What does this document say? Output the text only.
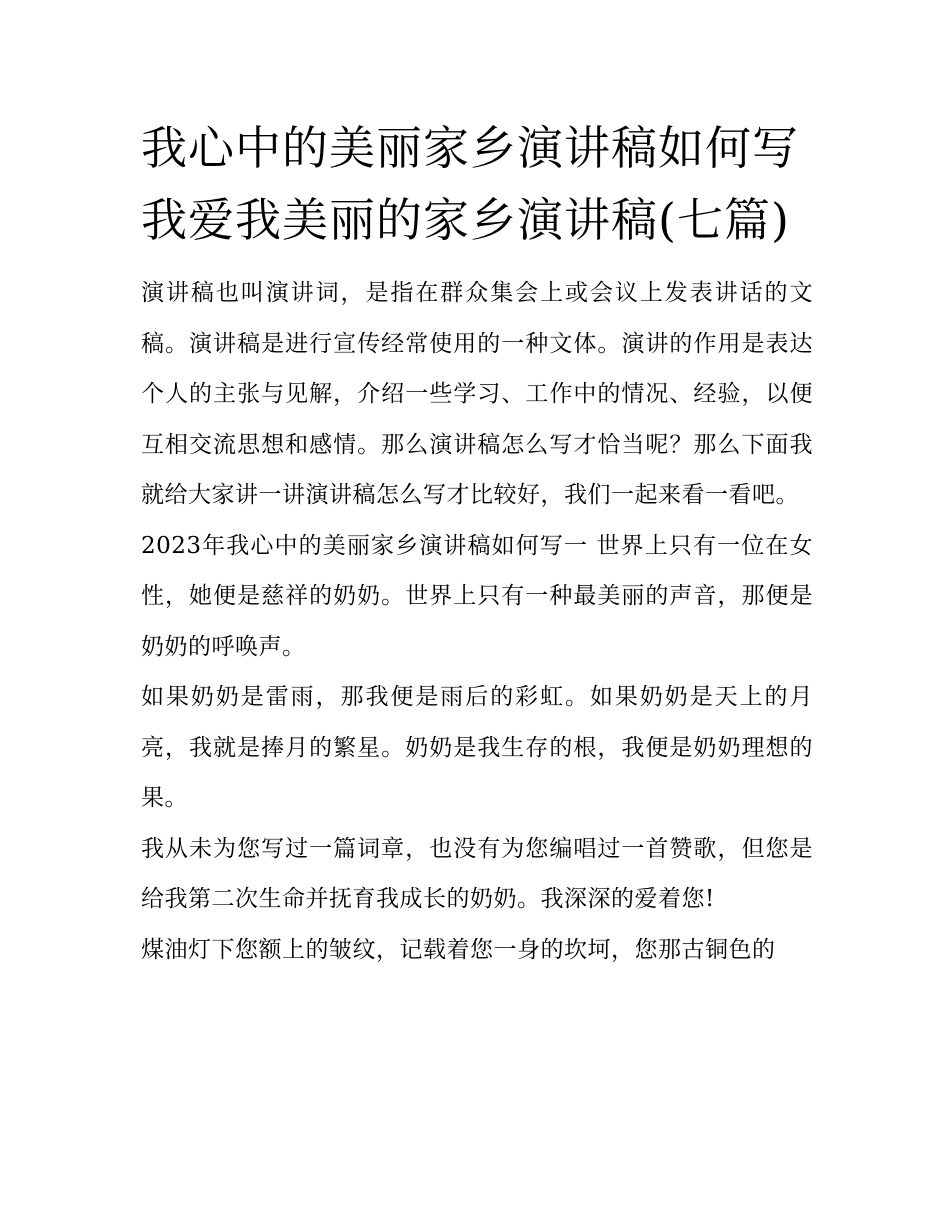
我心中的美丽家乡演讲稿如何写 我爱我美丽的家乡演讲稿(七篇)

演讲稿也叫演讲词，是指在群众集会上或会议上发表讲话的文稿。演讲稿是进行宣传经常使用的一种文体。演讲的作用是表达个人的主张与见解，介绍一些学习、工作中的情况、经验，以便互相交流思想和感情。那么演讲稿怎么写才恰当呢？那么下面我就给大家讲一讲演讲稿怎么写才比较好，我们一起来看一看吧。

2023年我心中的美丽家乡演讲稿如何写一 世界上只有一位在女性，她便是慈祥的奶奶。世界上只有一种最美丽的声音，那便是奶奶的呼唤声。

如果奶奶是雷雨，那我便是雨后的彩虹。如果奶奶是天上的月亮，我就是捧月的繁星。奶奶是我生存的根，我便是奶奶理想的果。

我从未为您写过一篇词章，也没有为您编唱过一首赞歌，但您是给我第二次生命并抚育我成长的奶奶。我深深的爱着您!

煤油灯下您额上的皱纹，记载着您一身的坎坷，您那古铜色的
